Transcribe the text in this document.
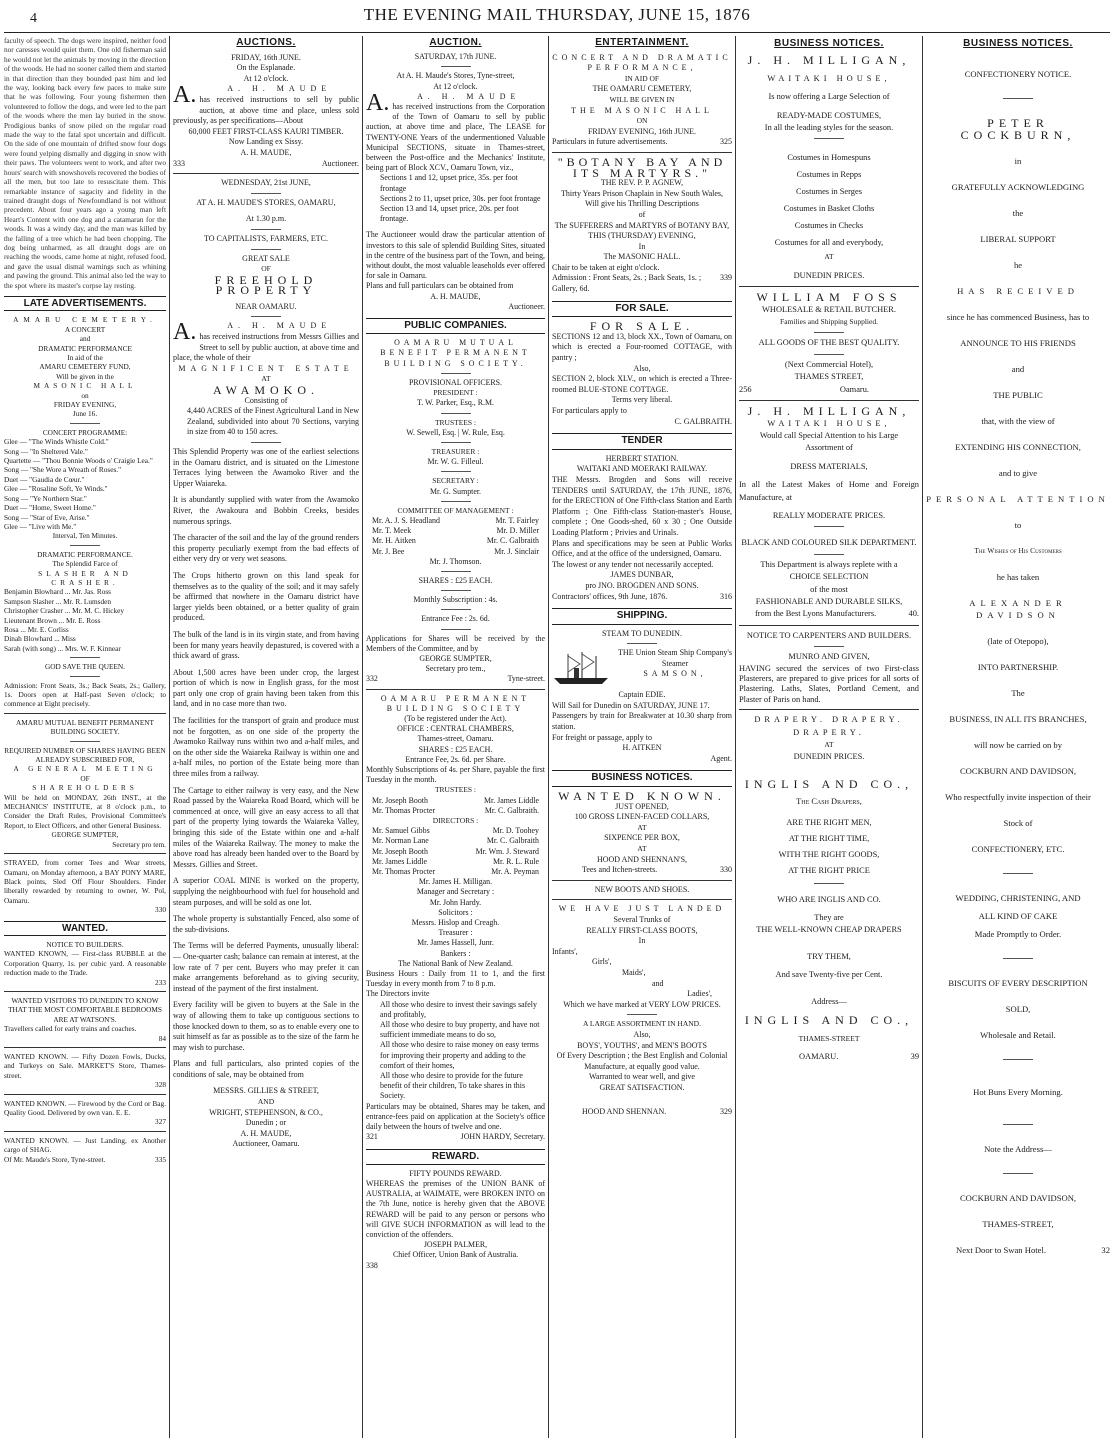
4	THE EVENING MAIL THURSDAY, JUNE 15, 1876
faculty of speech. The dogs were inspired, neither food nor caresses would quiet them. One old fisherman said he would not let the animals by moving in the direction of the woods. He had no sooner called them and started in that direction than they bounded past him and led the way, looking back every few paces to make sure that he was following. Four young fishermen then volunteered to follow the dogs, and were led to the part of the woods where the men lay buried in the snow. Prodigious banks of snow piled on the regular road made the way to the fatal spot uncertain and difficult. On the side of one mountain of drifted snow four dogs were found yelping dismally and digging in snow with their paws. The volunteers went to work, and after two hours' search with snowshovels recovered the bodies of all the men, but too late to resuscitate them. This remarkable instance of sagacity and fidelity in the trained draught dogs of Newfoundland is not without precedent. About four years ago a young man left Heart's Content with one dog and a catamaran for the woods. It was a windy day, and the man was killed by the falling of a tree which he had been chopping. The dog being unharmed, as all draught dogs are on reaching the woods, came home at night, refused food, and gave the usual dismal warnings such as whining and pawing the ground. This animal also led the way to the spot where its master's corpse lay resting.
LATE ADVERTISEMENTS.
AMARU CEMETERY.
A CONCERT
and
DRAMATIC PERFORMANCE
In aid of the
AMARU CEMETERY FUND,
Will be given in the
MASONIC HALL
on
FRIDAY EVENING,
June 16.
CONCERT PROGRAMME:
Glee — "The Winds Whistle Cold."
Song — "In Sheltered Vale."
Quartette — "Thou Bonnie Woods o' Craigie Lea."
Song — "She Wore a Wreath of Roses."
Duet — "Gaudia de Cœur."
Glee — "Rosaline Soft, Ye Winds."
Song — "Ye Northern Star."
Duet — "Home, Sweet Home."
Song — "Star of Eve, Arise."
Glee — "Live with Me."
Interval, Ten Minutes.
DRAMATIC PERFORMANCE.
The Splendid Farce of
SLASHER AND CRASHER.
Benjamin Blowhard ... Mr. Jas. Ross
Sampson Slasher ... Mr. R. Lumsden
Christopher Crasher ... Mr. M. C. Hickey
Lieutenant Brown ... Mr. E. Ross
Rosa ... Mr. E. Corliss
Dinah Blowhard ... Miss
Sarah (with song) ... Mrs. W. F. Kinnear
GOD SAVE THE QUEEN.
Admission: Front Seats, 3s.; Back Seats, 2s.; Gallery, 1s. Doors open at Half-past Seven o'clock; to commence at Eight precisely.
AMARU MUTUAL BENEFIT PERMANENT BUILDING SOCIETY.
REQUIRED NUMBER OF SHARES HAVING BEEN ALREADY SUBSCRIBED FOR,
A GENERAL MEETING
OF
SHAREHOLDERS
Will be held on MONDAY, 26th INST., at the MECHANICS' INSTITUTE, at 8 o'clock p.m., to Consider the Draft Rules, Provisional Committee's Report, to Elect Officers, and other General Business.
GEORGE SUMPTER,
Secretary pro tem.
STRAYED, from corner Tees and Wear streets, Oamaru, on Monday afternoon, a BAY PONY MARE, Black points, Sled Off Flour Shoulders. Finder liberally rewarded by returning to owner, W. Pol, Oamaru.
330
WANTED.
NOTICE TO BUILDERS.
WANTED KNOWN, — First-class RUBBLE at the Corporation Quarry, 1s. per cubic yard. A reasonable reduction made to the Trade.
233
WANTED VISITORS TO DUNEDIN TO KNOW THAT THE MOST COMFORTABLE BEDROOMS
ARE AT WATSON'S.
Travellers called for early trains and coaches.
84
WANTED KNOWN. — Fifty Dozen Fowls, Ducks, and Turkeys on Sale. MARKET'S Store, Thames-street.
328
WANTED KNOWN. — Firewood by the Cord or Bag. Quality Good. Delivered by own van. E. E.
327
WANTED KNOWN. — Just Landing, ex Another cargo of SHAG.
Of Mr. Maude's Store, Tyne-street.	335
AUCTIONS.
FRIDAY, 16th JUNE.
On the Esplanade.
At 12 o'clock.
A.	A. H. MAUDE
has received instructions to sell by public auction, at above time and place, unless sold previously, as per specifications—About
60,000 FEET FIRST-CLASS KAURI TIMBER.
Now Landing ex Sissy.
A. H. MAUDE,
333	Auctioneer.
WEDNESDAY, 21st JUNE,
AT A. H. MAUDE'S STORES, OAMARU,
At 1.30 p.m.
TO CAPITALISTS, FARMERS, ETC.
GREAT SALE
OF
FREEHOLD PROPERTY
NEAR OAMARU.
A.	A. H. MAUDE
has received instructions from Messrs Gillies and Street to sell by public auction, at above time and place, the whole of their
MAGNIFICENT ESTATE
AT
AWAMOKO.
Consisting of
4,440 ACRES of the Finest Agricultural Land in New Zealand, subdivided into about 70 Sections, varying in size from 40 to 150 acres.
This Splendid Property was one of the earliest selections in the Oamaru district, and is situated on the Limestone Terraces lying between the Awamoko River and the Upper Waiareka.
It is abundantly supplied with water from the Awamoko River, the Awakoura and Bobbin Creeks, besides numerous springs.
The character of the soil and the lay of the ground renders this property peculiarly exempt from the bad effects of either very dry or very wet seasons.
The Crops hitherto grown on this land speak for themselves as to the quality of the soil; and it may safely be affirmed that nowhere in the Oamaru district have larger yields been obtained, or a better quality of grain produced.
The bulk of the land is in its virgin state, and from having been for many years heavily depastured, is covered with a thick award of grass.
About 1,500 acres have been under crop, the largest portion of which is now in English grass, for the most part only one crop of grain having been taken from this land, and in no case more than two.
The facilities for the transport of grain and produce must not be forgotten, as on one side of the property the Awamoko Railway runs within two and a-half miles, and on the other side the Waiareka Railway is within one and a-half miles, no portion of the Estate being more than three miles from a railway.
The Cartage to either railway is very easy, and the New Road passed by the Waiareka Road Board, which will be commenced at once, will give an easy access to all that part of the property lying towards the Waiareka Valley, bringing this side of the Estate within one and a-half miles of the Waiareka Railway. The money to make the above road has already been handed over to the Board by Messrs. Gillies and Street.
A superior COAL MINE is worked on the property, supplying the neighbourhood with fuel for household and steam purposes, and will be sold as one lot.
The whole property is substantially Fenced, also some of the sub-divisions.
The Terms will be deferred Payments, unusually liberal:— One-quarter cash; balance can remain at interest, at the low rate of 7 per cent. Buyers who may prefer it can make arrangements beforehand as to giving security, instead of the payment of the first instalment.
Every facility will be given to buyers at the Sale in the way of allowing them to take up contiguous sections to those knocked down to them, so as to enable every one to suit himself as far as possible as to the size of the farm he may wish to purchase.
Plans and full particulars, also printed copies of the conditions of sale, may be obtained from
MESSRS. GILLIES & STREET,
AND
WRIGHT, STEPHENSON, & CO.,
Dunedin ; or
A. H. MAUDE,
Auctioneer, Oamaru.
AUCTION.
SATURDAY, 17th JUNE.
At A. H. Maude's Stores, Tyne-street,
At 12 o'clock.
A.	A. H. MAUDE
has received instructions from the Corporation of the Town of Oamaru to sell by public auction, at above time and place, The LEASE for TWENTY-ONE Years of the undermentioned Valuable Municipal SECTIONS, situate in Thames-street, between the Post-office and the Mechanics' Institute, being part of Block XCV., Oamaru Town, viz.,
Sections 1 and 12, upset price, 35s. per foot frontage
Sections 2 to 11, upset price, 30s. per foot frontage
Section 13 and 14, upset price, 20s. per foot frontage.
The Auctioneer would draw the particular attention of investors to this sale of splendid Building Sites, situated in the centre of the business part of the Town, and being, without doubt, the most valuable leaseholds ever offered for sale in Oamaru.
Plans and full particulars can be obtained from
A. H. MAUDE,
Auctioneer.
PUBLIC COMPANIES.
OAMARU MUTUAL BENEFIT PERMANENT BUILDING SOCIETY.
PROVISIONAL OFFICERS.
PRESIDENT :
T. W. Parker, Esq., R.M.
TRUSTEES :
W. Sewell, Esq. | W. Rule, Esq.
TREASURER :
Mr. W. G. Filleul.
SECRETARY :
Mr. G. Sumpter.
COMMITTEE OF MANAGEMENT :
Mr. A. J. S. Headland	Mr. T. Fairley
Mr. T. Meek	Mr. D. Miller
Mr. H. Aitken	Mr. C. Galbraith
Mr. J. Bee	Mr. J. Sinclair
Mr. J. Thomson.
SHARES : £25 EACH.
Monthly Subscription : 4s.
Entrance Fee : 2s. 6d.
Applications for Shares will be received by the Members of the Committee, and by
GEORGE SUMPTER,
Secretary pro tem.,
332	Tyne-street.
OAMARU PERMANENT BUILDING SOCIETY
(To be registered under the Act).
OFFICE : CENTRAL CHAMBERS,
Thames-street, Oamaru.
SHARES : £25 EACH.
Entrance Fee, 2s. 6d. per Share.
Monthly Subscriptions of 4s. per Share, payable the first Tuesday in the month.
TRUSTEES :
Mr. Joseph Booth	Mr. James Liddle
Mr. Thomas Procter	Mr. C. Galbraith.
DIRECTORS :
Mr. Samuel Gibbs	Mr. D. Toohey
Mr. Norman Lane	Mr. C. Galbraith
Mr. Joseph Booth	Mr. Wm. J. Steward
Mr. James Liddle	Mr. R. L. Rule
Mr. Thomas Procter	Mr. A. Peyman
Mr. James H. Milligan.
Manager and Secretary :
Mr. John Hardy.
Solicitors :
Messrs. Hislop and Creagh.
Treasurer :
Mr. James Hassell, Junr.
Bankers :
The National Bank of New Zealand.
Business Hours : Daily from 11 to 1, and the first Tuesday in every month from 7 to 8 p.m.
The Directors invite
All those who desire to invest their savings safely and profitably,
All those who desire to buy property, and have not sufficient immediate means to do so,
All those who desire to raise money on easy terms for improving their property and adding to the comfort of their homes,
All those who desire to provide for the future benefit of their children, To take shares in this Society.
Particulars may be obtained, Shares may be taken, and entrance-fees paid on application at the Society's office daily between the hours of twelve and one.
321	JOHN HARDY, Secretary.
REWARD.
FIFTY POUNDS REWARD.
WHEREAS the premises of the UNION BANK of AUSTRALIA, at WAIMATE, were BROKEN INTO on the 7th June, notice is hereby given that the ABOVE REWARD will be paid to any person or persons who will GIVE SUCH INFORMATION as will lead to the conviction of the offenders.
JOSEPH PALMER,
Chief Officer, Union Bank of Australia.
338
ENTERTAINMENT.
CONCERT AND DRAMATIC PERFORMANCE,
IN AID OF
THE OAMARU CEMETERY,
WILL BE GIVEN IN
THE MASONIC HALL
ON
FRIDAY EVENING, 16th JUNE.
Particulars in future advertisements.	325
"BOTANY BAY AND ITS MARTYRS."
THE REV. P. P. AGNEW,
Thirty Years Prison Chaplain in New South Wales,
Will give his Thrilling Descriptions
of
The SUFFERERS and MARTYRS of BOTANY BAY,
THIS (THURSDAY) EVENING,
In
The MASONIC HALL.
Chair to be taken at eight o'clock.
Admission : Front Seats, 2s. ; Back Seats, 1s. ; Gallery, 6d.
339
FOR SALE.
FOR SALE.
SECTIONS 12 and 13, block XX., Town of Oamaru, on which is erected a Four-roomed COTTAGE, with pantry ;
Also,
SECTION 2, block XLV., on which is erected a Three-roomed BLUE-STONE COTTAGE.
Terms very liberal.
For particulars apply to
C. GALBRAITH.
TENDER
HERBERT STATION.
WAITAKI AND MOERAKI RAILWAY.
THE Messrs. Brogden and Sons will receive TENDERS until SATURDAY, the 17th JUNE, 1876, for the ERECTION of One Fifth-class Station and Earth Platform ; One Fifth-class Station-master's House, complete ; One Goods-shed, 60 x 30 ; One Outside Loading Platform ; Privies and Urinals.
Plans and specifications may be seen at Public Works Office, and at the office of the undersigned, Oamaru.
The lowest or any tender not necessarily accepted.
JAMES DUNBAR,
pro JNO. BROGDEN AND SONS.
Contractors' offices, 9th June, 1876.	316
SHIPPING.
STEAM TO DUNEDIN.
THE Union Steam Ship Company's Steamer
SAMSON,
Captain EDIE.
Will Sail for Dunedin on SATURDAY, JUNE 17.
Passengers by train for Breakwater at 10.30 sharp from station.
For freight or passage, apply to
H. AITKEN
Agent.
BUSINESS NOTICES.
WANTED KNOWN.
JUST OPENED,
100 GROSS LINEN-FACED COLLARS,
AT
SIXPENCE PER BOX,
AT
HOOD AND SHENNAN'S,
Tees and Itchen-streets.	330
NEW BOOTS AND SHOES.
WE HAVE JUST LANDED
Several Trunks of
REALLY FIRST-CLASS BOOTS,
In
Infants',
Girls',
Maids',
and
Ladies',
Which we have marked at VERY LOW PRICES.
A LARGE ASSORTMENT IN HAND.
Also,
BOYS', YOUTHS', and MEN'S BOOTS
Of Every Description ; the Best English and Colonial Manufacture, at equally good value.
Warranted to wear well, and give
GREAT SATISFACTION.
HOOD AND SHENNAN.	329
BUSINESS NOTICES.
J. H. MILLIGAN,
WAITAKI HOUSE,
Is now offering a Large Selection of
READY-MADE COSTUMES,
In all the leading styles for the season.
Costumes in Homespuns
Costumes in Repps
Costumes in Serges
Costumes in Basket Cloths
Costumes in Checks
Costumes for all and everybody,
AT
DUNEDIN PRICES.
WILLIAM FOSS
WHOLESALE & RETAIL BUTCHER.
Families and Shipping Supplied.
ALL GOODS OF THE BEST QUALITY.
(Next Commercial Hotel),
THAMES STREET,
256	Oamaru.
J. H. MILLIGAN,
WAITAKI HOUSE,
Would call Special Attention to his Large
Assortment of
DRESS MATERIALS,
In all the Latest Makes of Home and Foreign Manufacture, at
REALLY MODERATE PRICES.
BLACK AND COLOURED SILK DEPARTMENT.
This Department is always replete with a
CHOICE SELECTION
of the most
FASHIONABLE AND DURABLE SILKS,
from the Best Lyons Manufacturers.	40.
NOTICE TO CARPENTERS AND BUILDERS.
MUNRO AND GIVEN,
HAVING secured the services of two First-class Plasterers, are prepared to give prices for all sorts of Plastering. Laths, Slates, Portland Cement, and Plaster of Paris on hand.
DRAPERY. DRAPERY. DRAPERY.
AT
DUNEDIN PRICES.
INGLIS AND CO.,
The Cash Drapers,
ARE THE RIGHT MEN,
AT THE RIGHT TIME,
WITH THE RIGHT GOODS,
AT THE RIGHT PRICE
WHO ARE INGLIS AND CO.
They are
THE WELL-KNOWN CHEAP DRAPERS
TRY THEM,
And save Twenty-five per Cent.
Address—
INGLIS AND CO.,
THAMES-STREET
OAMARU.	39
BUSINESS NOTICES.
CONFECTIONERY NOTICE.
PETER COCKBURN,
in
GRATEFULLY ACKNOWLEDGING
the
LIBERAL SUPPORT
he
HAS RECEIVED
since he has commenced Business, has to
ANNOUNCE TO HIS FRIENDS
and
THE PUBLIC
that, with the view of
EXTENDING HIS CONNECTION,
and to give
PERSONAL ATTENTION
to
The Wishes of His Customers
he has taken
ALEXANDER DAVIDSON
(late of Otepopo),
INTO PARTNERSHIP.
The
BUSINESS, IN ALL ITS BRANCHES,
will now be carried on by
COCKBURN AND DAVIDSON,
Who respectfully invite inspection of their
Stock of
CONFECTIONERY, ETC.
WEDDING, CHRISTENING, AND
ALL KIND OF CAKE
Made Promptly to Order.
BISCUITS OF EVERY DESCRIPTION
SOLD,
Wholesale and Retail.
Hot Buns Every Morning.
Note the Address—
COCKBURN AND DAVIDSON,
THAMES-STREET,
Next Door to Swan Hotel.	32
